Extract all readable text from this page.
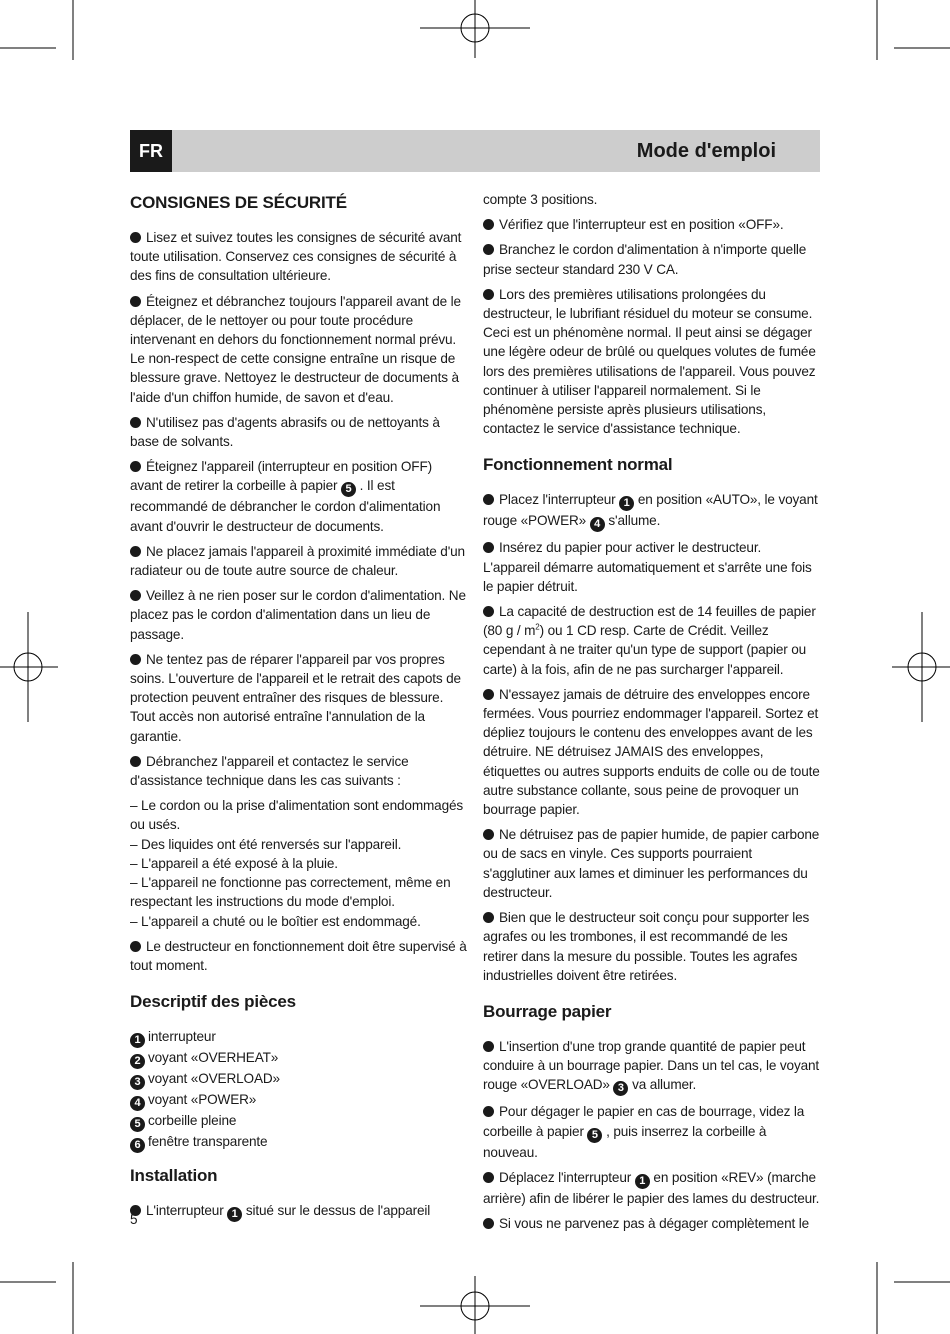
FR	Mode d'emploi
CONSIGNES DE SÉCURITÉ

Lisez et suivez toutes les consignes de sécurité avant toute utilisation. Conservez ces consignes de sécurité à des fins de consultation ultérieure.

Éteignez et débranchez toujours l'appareil avant de le déplacer, de le nettoyer ou pour toute procédure intervenant en dehors du fonctionnement normal prévu. Le non-respect de cette consigne entraîne un risque de blessure grave. Nettoyez le destructeur de documents à l'aide d'un chiffon humide, de savon et d'eau.

N'utilisez pas d'agents abrasifs ou de nettoyants à base de solvants.

Éteignez l'appareil (interrupteur en position OFF) avant de retirer la corbeille à papier 5 . Il est recommandé de débrancher le cordon d'alimentation avant d'ouvrir le destructeur de documents.

Ne placez jamais l'appareil à proximité immédiate d'un radiateur ou de toute autre source de chaleur.

Veillez à ne rien poser sur le cordon d'alimentation. Ne placez pas le cordon d'alimentation dans un lieu de passage.

Ne tentez pas de réparer l'appareil par vos propres soins. L'ouverture de l'appareil et le retrait des capots de protection peuvent entraîner des risques de blessure. Tout accès non autorisé entraîne l'annulation de la garantie.

Débranchez l'appareil et contactez le service d'assistance technique dans les cas suivants :

– Le cordon ou la prise d'alimentation sont endommagés ou usés.
– Des liquides ont été renversés sur l'appareil.
– L'appareil a été exposé à la pluie.
– L'appareil ne fonctionne pas correctement, même en respectant les instructions du mode d'emploi.
– L'appareil a chuté ou le boîtier est endommagé.

Le destructeur en fonctionnement doit être supervisé à tout moment.

Descriptif des pièces
1 interrupteur
2 voyant «OVERHEAT»
3 voyant «OVERLOAD»
4 voyant «POWER»
5 corbeille pleine
6 fenêtre transparente
Installation

L'interrupteur 1 situé sur le dessus de l'appareil

compte 3 positions.

Vérifiez que l'interrupteur est en position «OFF».

Branchez le cordon d'alimentation à n'importe quelle prise secteur standard 230 V CA.

Lors des premières utilisations prolongées du destructeur, le lubrifiant résiduel du moteur se consume. Ceci est un phénomène normal. Il peut ainsi se dégager une légère odeur de brûlé ou quelques volutes de fumée lors des premières utilisations de l'appareil. Vous pouvez continuer à utiliser l'appareil normalement. Si le phénomène persiste après plusieurs utilisations, contactez le service d'assistance technique.

Fonctionnement normal

Placez l'interrupteur 1 en position «AUTO», le voyant rouge «POWER» 4 s'allume.

Insérez du papier pour activer le destructeur. L'appareil démarre automatiquement et s'arrête une fois le papier détruit.

La capacité de destruction est de 14 feuilles de papier (80 g / $m^2$) ou 1 CD resp. Carte de Crédit. Veillez cependant à ne traiter qu'un type de support (papier ou carte) à la fois, afin de ne pas surcharger l'appareil.

N'essayez jamais de détruire des enveloppes encore fermées. Vous pourriez endommager l'appareil. Sortez et dépliez toujours le contenu des enveloppes avant de les détruire. NE détruisez JAMAIS des enveloppes, étiquettes ou autres supports enduits de colle ou de toute autre substance collante, sous peine de provoquer un bourrage papier.

Ne détruisez pas de papier humide, de papier carbone ou de sacs en vinyle. Ces supports pourraient s'agglutiner aux lames et diminuer les performances du destructeur.

Bien que le destructeur soit conçu pour supporter les agrafes ou les trombones, il est recommandé de les retirer dans la mesure du possible. Toutes les agrafes industrielles doivent être retirées.

Bourrage papier

L'insertion d'une trop grande quantité de papier peut conduire à un bourrage papier. Dans un tel cas, le voyant rouge «OVERLOAD» 3 va allumer.

Pour dégager le papier en cas de bourrage, videz la corbeille à papier 5 , puis inserrez la corbeille à nouveau.

Déplacez l'interrupteur 1 en position «REV» (marche arrière) afin de libérer le papier des lames du destructeur.

Si vous ne parvenez pas à dégager complètement le

5
